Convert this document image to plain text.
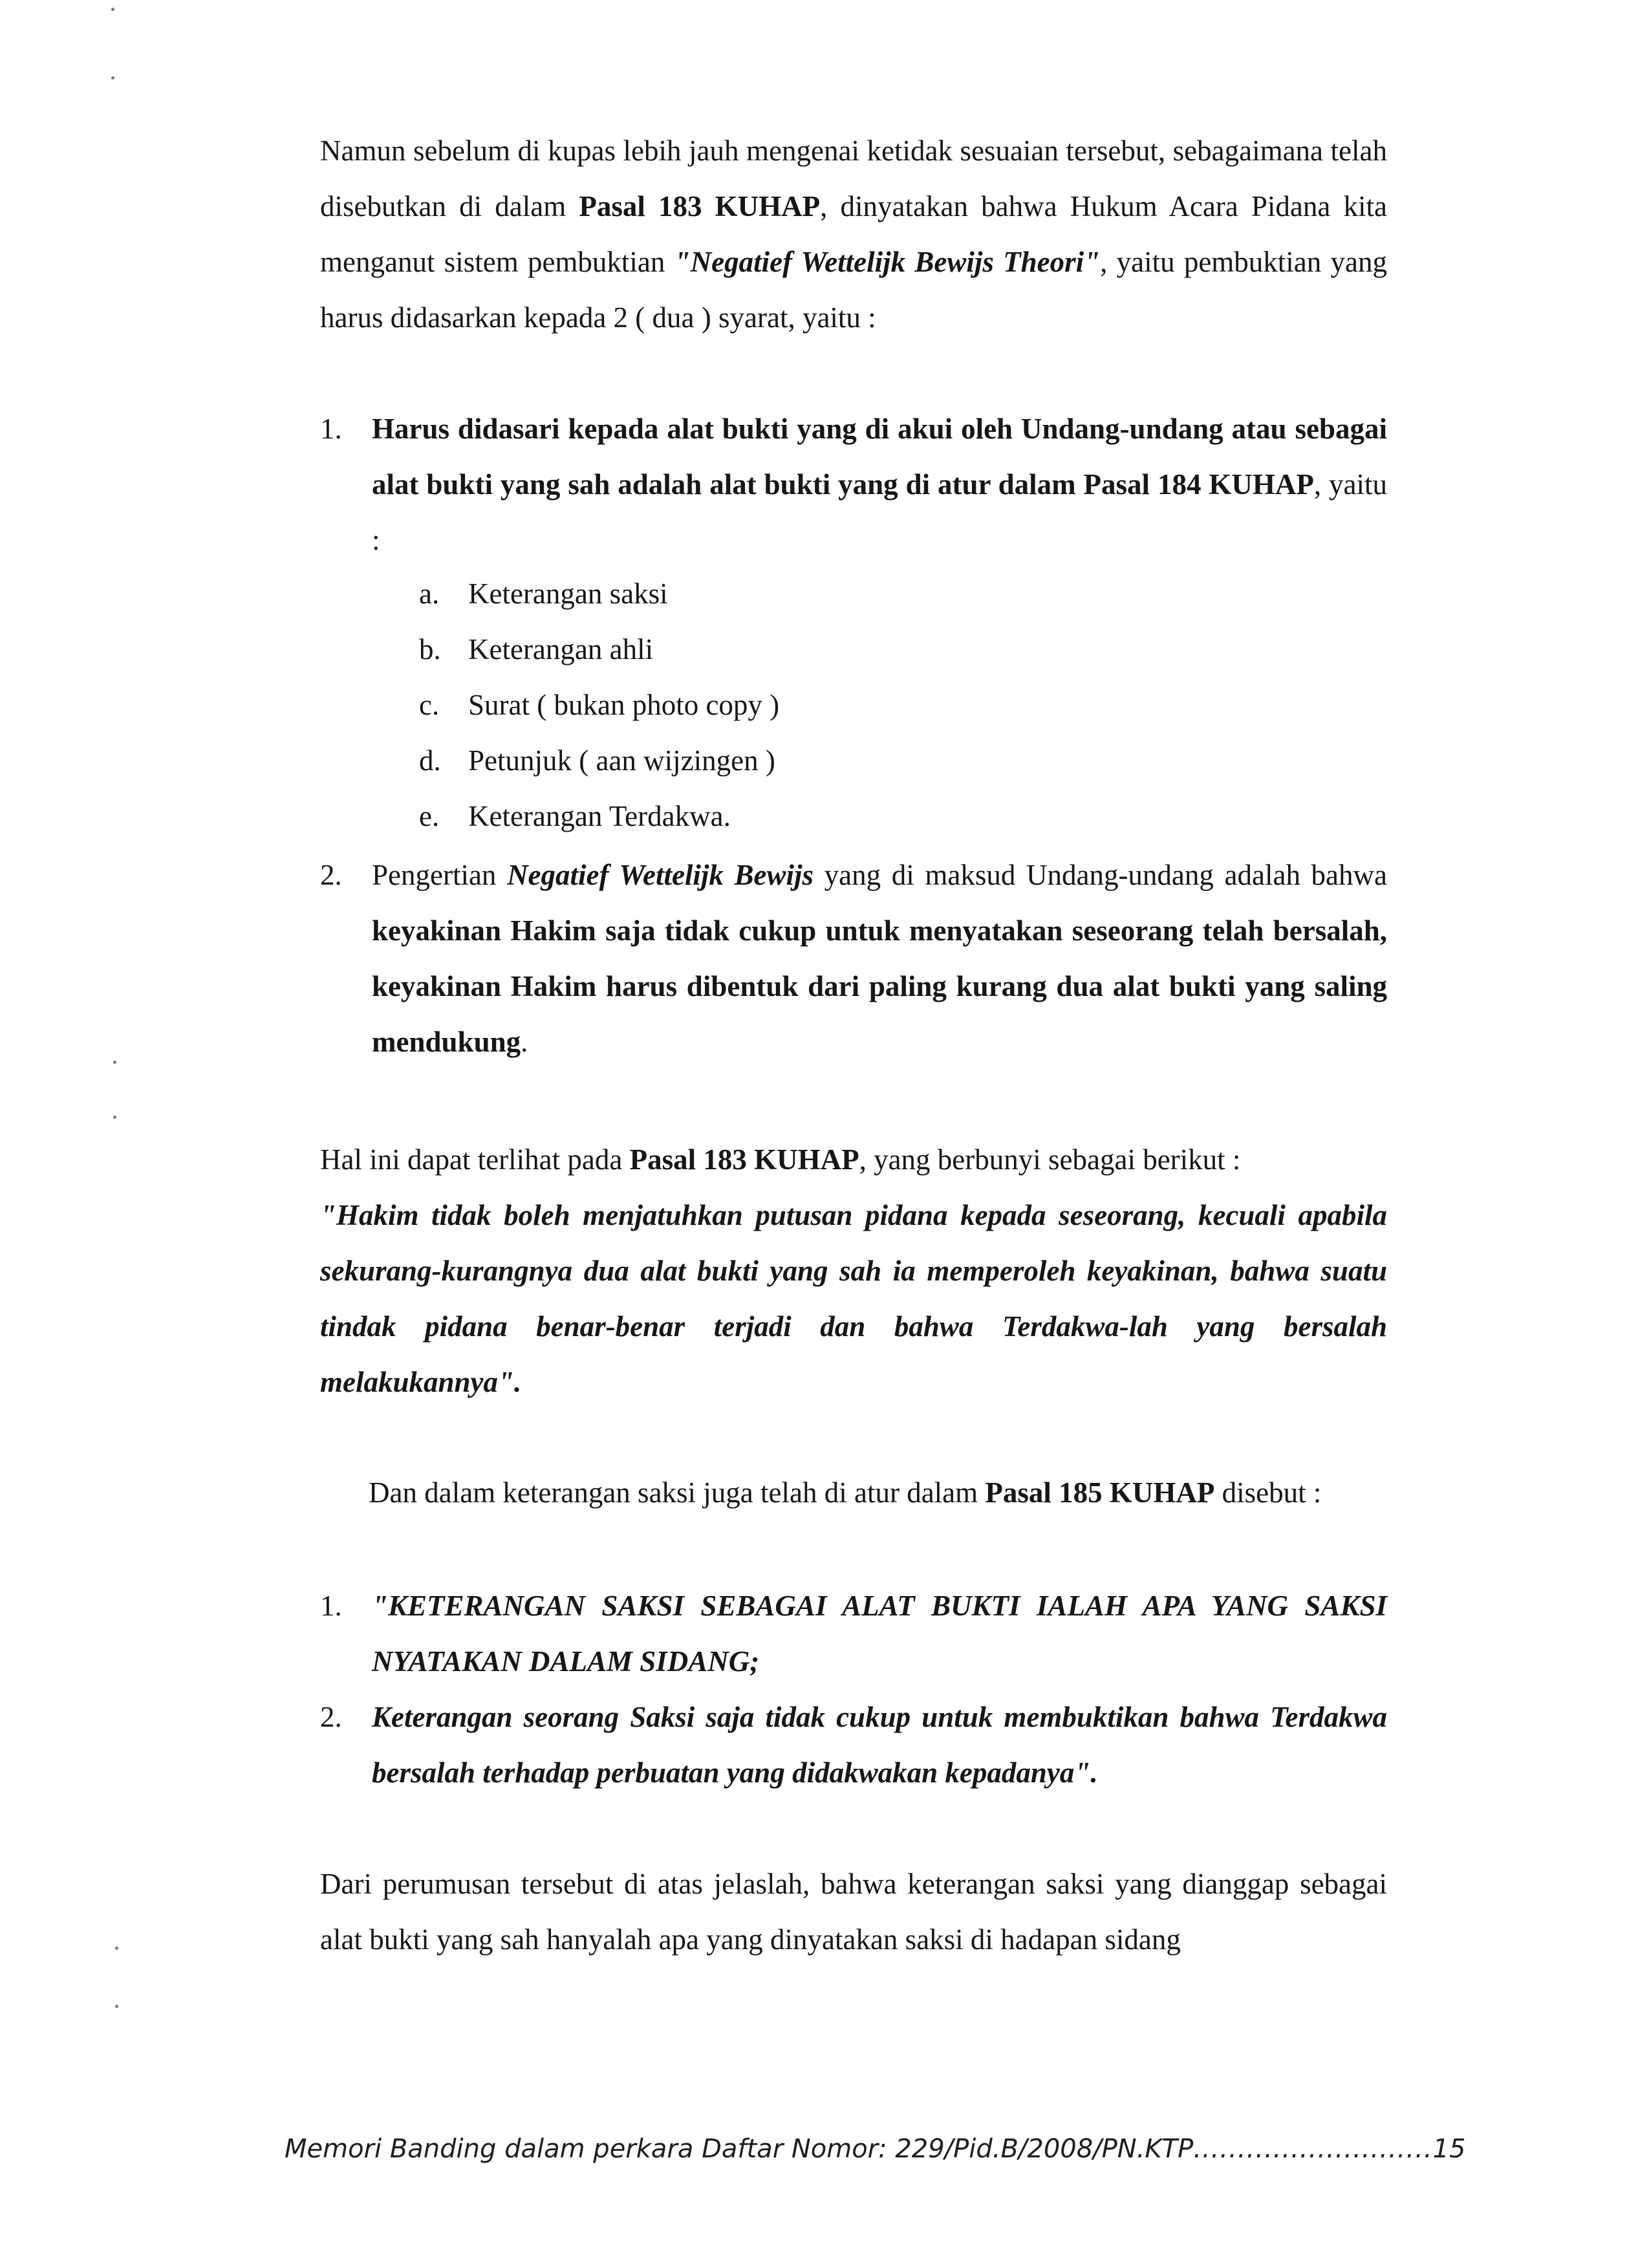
Namun sebelum di kupas lebih jauh mengenai ketidak sesuaian tersebut, sebagaimana telah disebutkan di dalam Pasal 183 KUHAP, dinyatakan bahwa Hukum Acara Pidana kita menganut sistem pembuktian "Negatief Wettelijk Bewijs Theori", yaitu pembuktian yang harus didasarkan kepada 2 ( dua ) syarat, yaitu :
1. Harus didasari kepada alat bukti yang di akui oleh Undang-undang atau sebagai alat bukti yang sah adalah alat bukti yang di atur dalam Pasal 184 KUHAP, yaitu :
a. Keterangan saksi
b. Keterangan ahli
c. Surat ( bukan photo copy )
d. Petunjuk ( aan wijzingen )
e. Keterangan Terdakwa.
2. Pengertian Negatief Wettelijk Bewijs yang di maksud Undang-undang adalah bahwa keyakinan Hakim saja tidak cukup untuk menyatakan seseorang telah bersalah, keyakinan Hakim harus dibentuk dari paling kurang dua alat bukti yang saling mendukung.
Hal ini dapat terlihat pada Pasal 183 KUHAP, yang berbunyi sebagai berikut :
"Hakim tidak boleh menjatuhkan putusan pidana kepada seseorang, kecuali apabila sekurang-kurangnya dua alat bukti yang sah ia memperoleh keyakinan, bahwa suatu tindak pidana benar-benar terjadi dan bahwa Terdakwa-lah yang bersalah melakukannya".
Dan dalam keterangan saksi juga telah di atur dalam Pasal 185 KUHAP disebut :
1. "KETERANGAN SAKSI SEBAGAI ALAT BUKTI IALAH APA YANG SAKSI NYATAKAN DALAM SIDANG;
2. Keterangan seorang Saksi saja tidak cukup untuk membuktikan bahwa Terdakwa bersalah terhadap perbuatan yang didakwakan kepadanya".
Dari perumusan tersebut di atas jelaslah, bahwa keterangan saksi yang dianggap sebagai alat bukti yang sah hanyalah apa yang dinyatakan saksi di hadapan sidang
Memori Banding dalam perkara Daftar Nomor: 229/Pid.B/2008/PN.KTP...........................15
